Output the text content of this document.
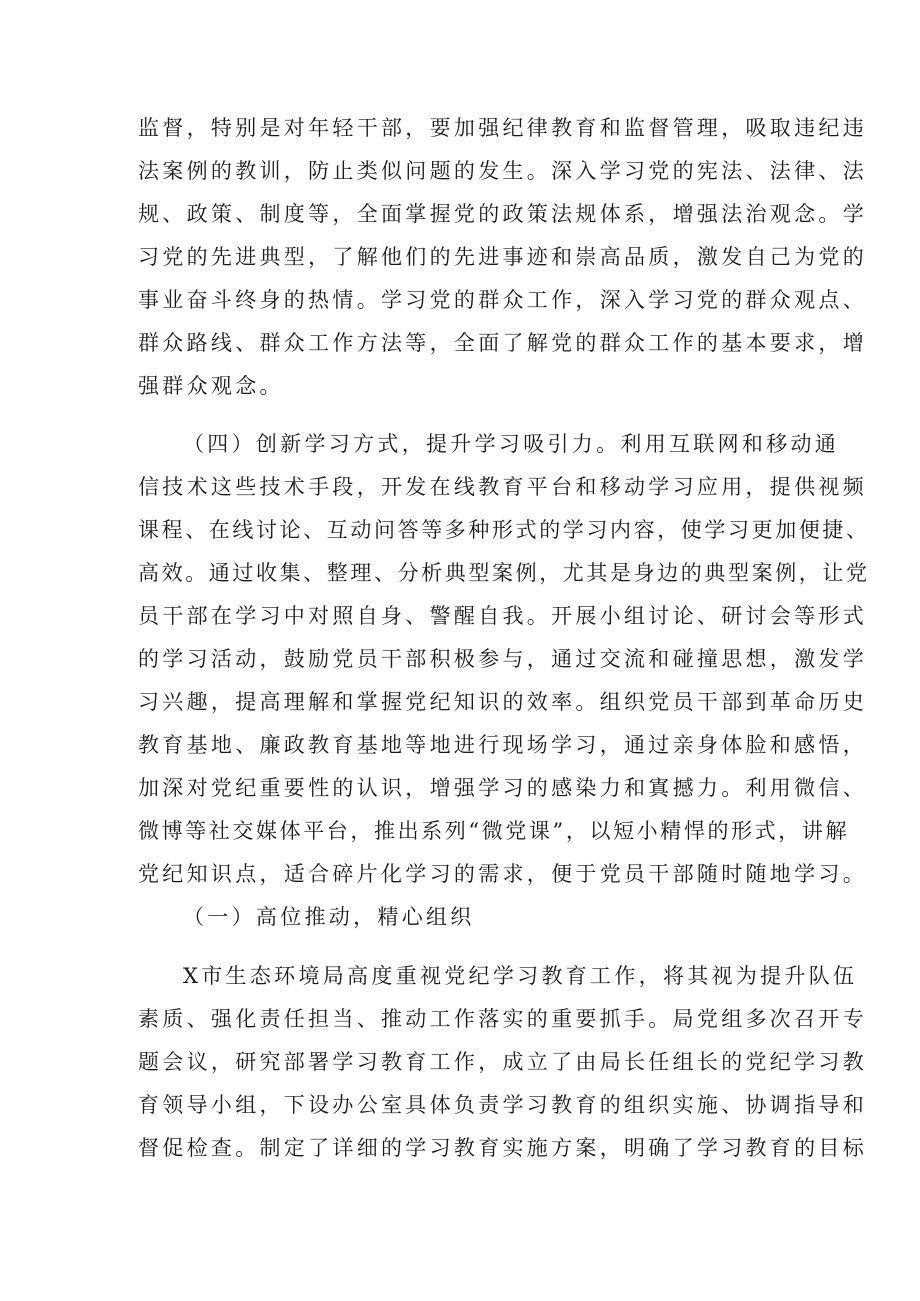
监督，特别是对年轻干部，要加强纪律教育和监督管理，吸取违纪违
法案例的教训，防止类似问题的发生。深入学习党的宪法、法律、法
规、政策、制度等，全面掌握党的政策法规体系，增强法治观念。学
习党的先进典型，了解他们的先进事迹和崇高品质，激发自己为党的
事业奋斗终身的热情。学习党的群众工作，深入学习党的群众观点、
群众路线、群众工作方法等，全面了解党的群众工作的基本要求，增
强群众观念。
（四）创新学习方式，提升学习吸引力。利用互联网和移动通
信技术这些技术手段，开发在线教育平台和移动学习应用，提供视频
课程、在线讨论、互动问答等多种形式的学习内容，使学习更加便捷、
高效。通过收集、整理、分析典型案例，尤其是身边的典型案例，让党
员干部在学习中对照自身、警醒自我。开展小组讨论、研讨会等形式
的学习活动，鼓励党员干部积极参与，通过交流和碰撞思想，激发学
习兴趣，提高理解和掌握党纪知识的效率。组织党员干部到革命历史
教育基地、廉政教育基地等地进行现场学习，通过亲身体脸和感悟，
加深对党纪重要性的认识，增强学习的感染力和寘撼力。利用微信、
微博等社交媒体平台，推出系列“微党课”，以短小精悍的形式，讲解
党纪知识点，适合碎片化学习的需求，便于党员干部随时随地学习。
（一）高位推动，精心组织
X市生态环境局高度重视党纪学习教育工作，将其视为提升队伍
素质、强化责任担当、推动工作落实的重要抓手。局党组多次召开专
题会议，研究部署学习教育工作，成立了由局长任组长的党纪学习教
育领导小组，下设办公室具体负责学习教育的组织实施、协调指导和
督促检查。制定了详细的学习教育实施方案，明确了学习教育的目标
